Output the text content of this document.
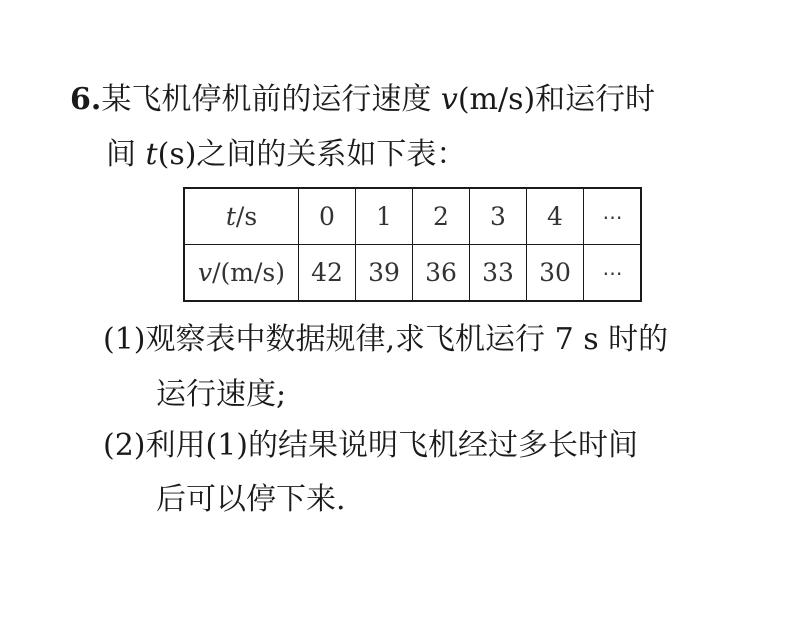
6.某飞机停机前的运行速度 v(m/s)和运行时
间 t(s)之间的关系如下表：
t/s	0	1	2	3	4	⋯
v/(m/s)	42	39	36	33	30	⋯
(1)观察表中数据规律,求飞机运行 7 s 时的
运行速度;
(2)利用(1)的结果说明飞机经过多长时间
后可以停下来.
